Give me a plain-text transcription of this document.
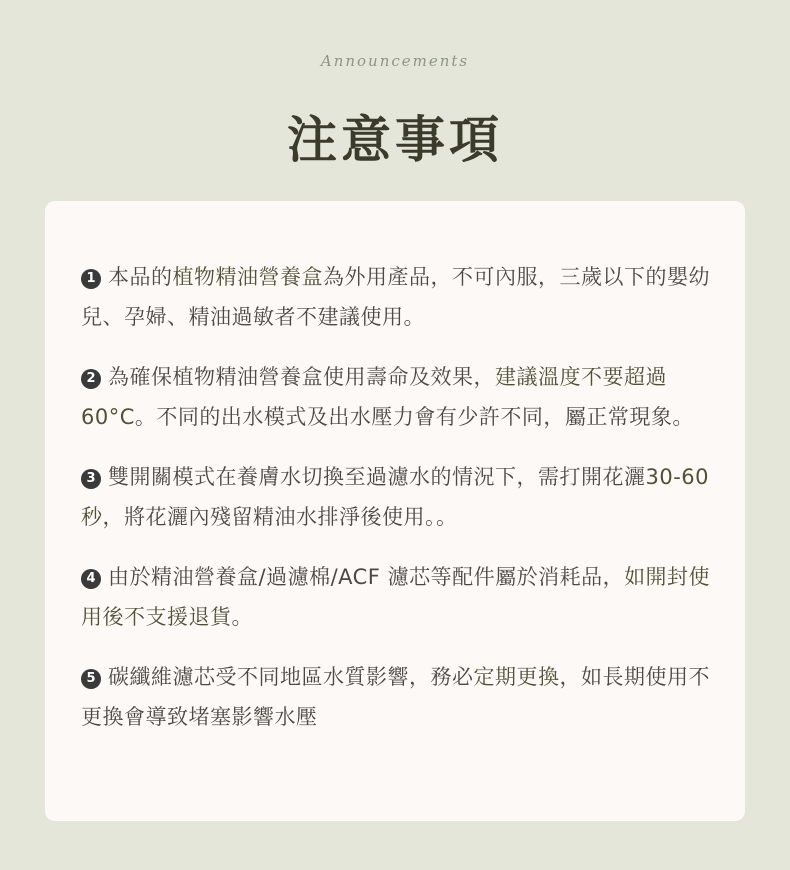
Announcements
注意事項

1 本品的植物精油營養盒為外用產品，不可內服，三歲以下的嬰幼兒、孕婦、精油過敏者不建議使用。

2 為確保植物精油營養盒使用壽命及效果，建議溫度不要超過60°C。不同的出水模式及出水壓力會有少許不同，屬正常現象。

3 雙開關模式在養膚水切換至過濾水的情況下，需打開花灑30-60秒，將花灑內殘留精油水排淨後使用。。

4 由於精油營養盒/過濾棉/ACF 濾芯等配件屬於消耗品，如開封使用後不支援退貨。

5 碳纖維濾芯受不同地區水質影響，務必定期更換，如長期使用不更換會導致堵塞影響水壓
